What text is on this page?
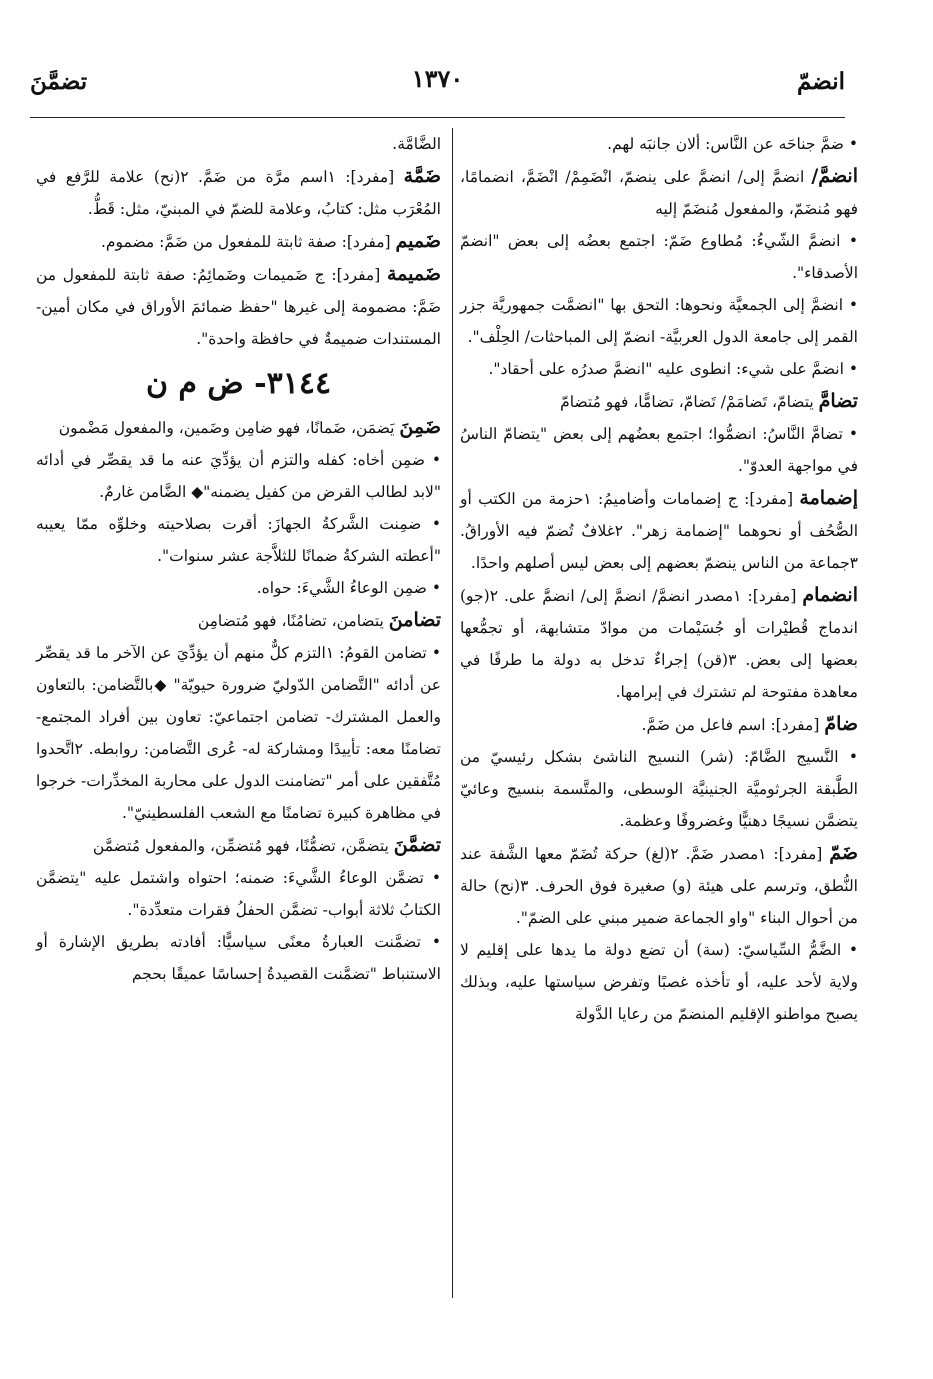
انضمّ
١٣٧٠
تضمَّنَ
• ضمَّ جناحَه عن النَّاس: ألان جانبَه لهم.
انضمَّ/ انضمَّ إلى/ انضمَّ على ينضمّ، انْضَمِمْ/ انْضَمَّ، انضمامًا، فهو مُنضَمّ، والمفعول مُنضَمّ إليه
• انضمَّ الشّيءُ: مُطاوع ضَمّ: اجتمع بعضُه إلى بعض "انضمّ الأصدقاء".
• انضمَّ إلى الجمعيَّة ونحوها: التحق بها "انضمَّت جمهوريَّة جزر القمر إلى جامعة الدول العربيَّة- انضمّ إلى المباحثات/ الحِلْف".
• انضمَّ على شيء: انطوى عليه "انضمَّ صدرُه على أحقاد".
تضامَّ يتضامّ، تَضامَمْ/ تَضامّ، تضامًّا، فهو مُتضامّ
• تضامَّ النَّاسُ: انضمُّوا؛ اجتمع بعضُهم إلى بعض "يتضامّ الناسُ في مواجهة العدوّ".
إضمامة [مفرد]: ج إضمامات وأضاميمُ: ١حزمة من الكتب أو الصُّحُف أو نحوهما "إضمامة زهر". ٢غلافٌ تُضمّ فيه الأوراقُ. ٣جماعة من الناس ينضمّ بعضهم إلى بعض ليس أصلهم واحدًا.
انضمام [مفرد]: ١مصدر انضمَّ/ انضمَّ إلى/ انضمَّ على. ٢(جو) اندماج قُطيْرات أو جُسَيْمات من موادّ متشابهة، أو تجمُّعها بعضها إلى بعض. ٣(قن) إجراءٌ تدخل به دولة ما طرفًا في معاهدة مفتوحة لم تشترك في إبرامها.
ضامّ [مفرد]: اسم فاعل من ضَمَّ.
• النَّسيج الضَّامّ: (شر) النسيج الناشئ بشكل رئيسيّ من الطَّبقة الجرثوميَّة الجنينيَّة الوسطى، والمتَّسمة بنسيج وعائيّ يتضمَّن نسيجًا دهنيًّا وغضروفًا وعظمة.
ضَمّ [مفرد]: ١مصدر ضَمَّ. ٢(لغ) حركة تُضَمّ معها الشَّفة عند النُّطق، وترسم على هيئة (و) صغيرة فوق الحرف. ٣(نح) حالة من أحوال البناء "واو الجماعة ضمير مبني على الضمّ".
• الضَّمُّ السِّياسيّ: (سة) أن تضع دولة ما يدها على إقليم لا ولاية لأحد عليه، أو تأخذه غصبًا وتفرض سياستها عليه، وبذلك يصبح مواطنو الإقليم المنضمّ من رعايا الدَّولة
الضَّامَّة.
ضَمَّة [مفرد]: ١اسم مرَّة من ضَمَّ. ٢(نح) علامة للرَّفع في المُعْرَب مثل: كتابُ، وعلامة للضمّ في المبنيّ، مثل: قَطُّ.
ضَميم [مفرد]: صفة ثابتة للمفعول من ضَمَّ: مضموم.
ضَميمة [مفرد]: ج ضَميمات وضَمائِمُ: صفة ثابتة للمفعول من ضَمَّ: مضمومة إلى غيرها "حفظ ضمائمَ الأوراق في مكان أمين- المستندات ضميمةٌ في حافظة واحدة".
٣١٤٤- ض م ن
ضَمِنَ يَضمَن، ضَمانًا، فهو ضامِن وضَمين، والمفعول مَضْمون
• ضمِن أخاه: كفله والتزم أن يؤدِّيَ عنه ما قد يقصِّر في أدائه "لابد لطالب القرض من كفيل يضمنه"◆ الضَّامن غارمٌ.
• ضمِنت الشَّركةُ الجهازَ: أقرت بصلاحيته وخلوِّه ممّا يعيبه "أعطته الشركةُ ضمانًا للثلاَّجة عشر سنوات".
• ضمِن الوعاءُ الشَّيءَ: حواه.
تضامنَ يتضامن، تضامُنًا، فهو مُتضامِن
• تضامن القومُ: ١التزم كلٌّ منهم أن يؤدِّيَ عن الآخر ما قد يقصِّر عن أدائه "التَّضامن الدّوليّ ضرورة حيويّة" ◆بالتَّضامن: بالتعاون والعمل المشترك- تضامن اجتماعيّ: تعاون بين أفراد المجتمع- تضامنًا معه: تأييدًا ومشاركة له- عُرى التَّضامن: روابطه. ٢اتَّحدوا مُتَّفقين على أمر "تضامنت الدول على محاربة المخدِّرات- خرجوا في مظاهرة كبيرة تضامنًا مع الشعب الفلسطينيّ".
تضمَّنَ يتضمَّن، تضمُّنًا، فهو مُتضمِّن، والمفعول مُتضمَّن
• تضمَّن الوعاءُ الشَّيءَ: ضمنه؛ احتواه واشتمل عليه "يتضمَّن الكتابُ ثلاثة أبواب- تضمَّن الحفلُ فقرات متعدِّدة".
• تضمَّنت العبارةُ معنًى سياسيًّا: أفادته بطريق الإشارة أو الاستنباط "تضمَّنت القصيدةُ إحساسًا عميقًا بحجم
